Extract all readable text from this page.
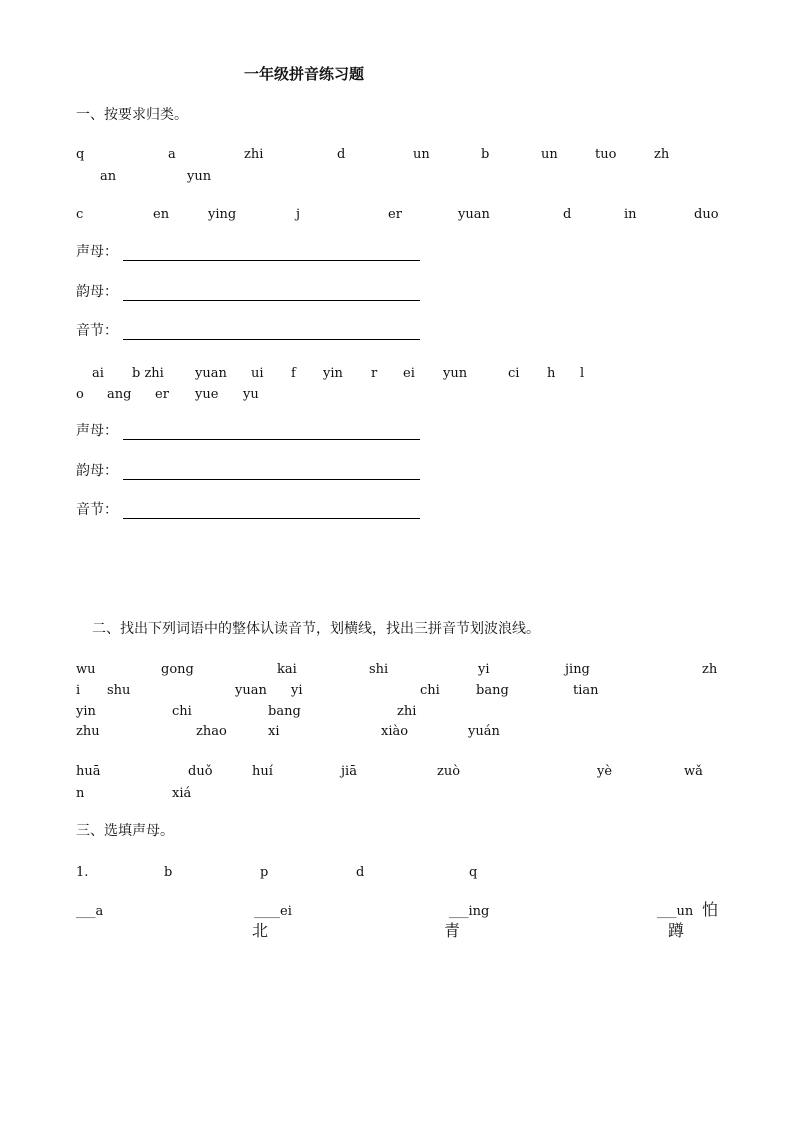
一年级拼音练习题
一、按要求归类。
q	a	zhi	d	un	b	un	tuo	zh
an	yun
c	en	ying	j	er	yuan	d	in	duo
声母：
韵母：
音节：
ai b zhi yuan ui f yin r ei yun	ci h l
o ang er yue yu
声母：
韵母：
音节：
二、找出下列词语中的整体认读音节，划横线，找出三拼音节划波浪线。
wu	gong	kai	shi	yi	jing	zh
i shu	yuan yi	chi	bang	tian
yin	chi	bang	zhi
zhu	zhao	xi	xiào	yuán
huā	duǒ	huí	jiā	zuò	yè	wǎ
n	xiá
三、选填声母。
1.	b	p	d	q
___a	____ei	___ing	___un 怕
北	青	蹲
